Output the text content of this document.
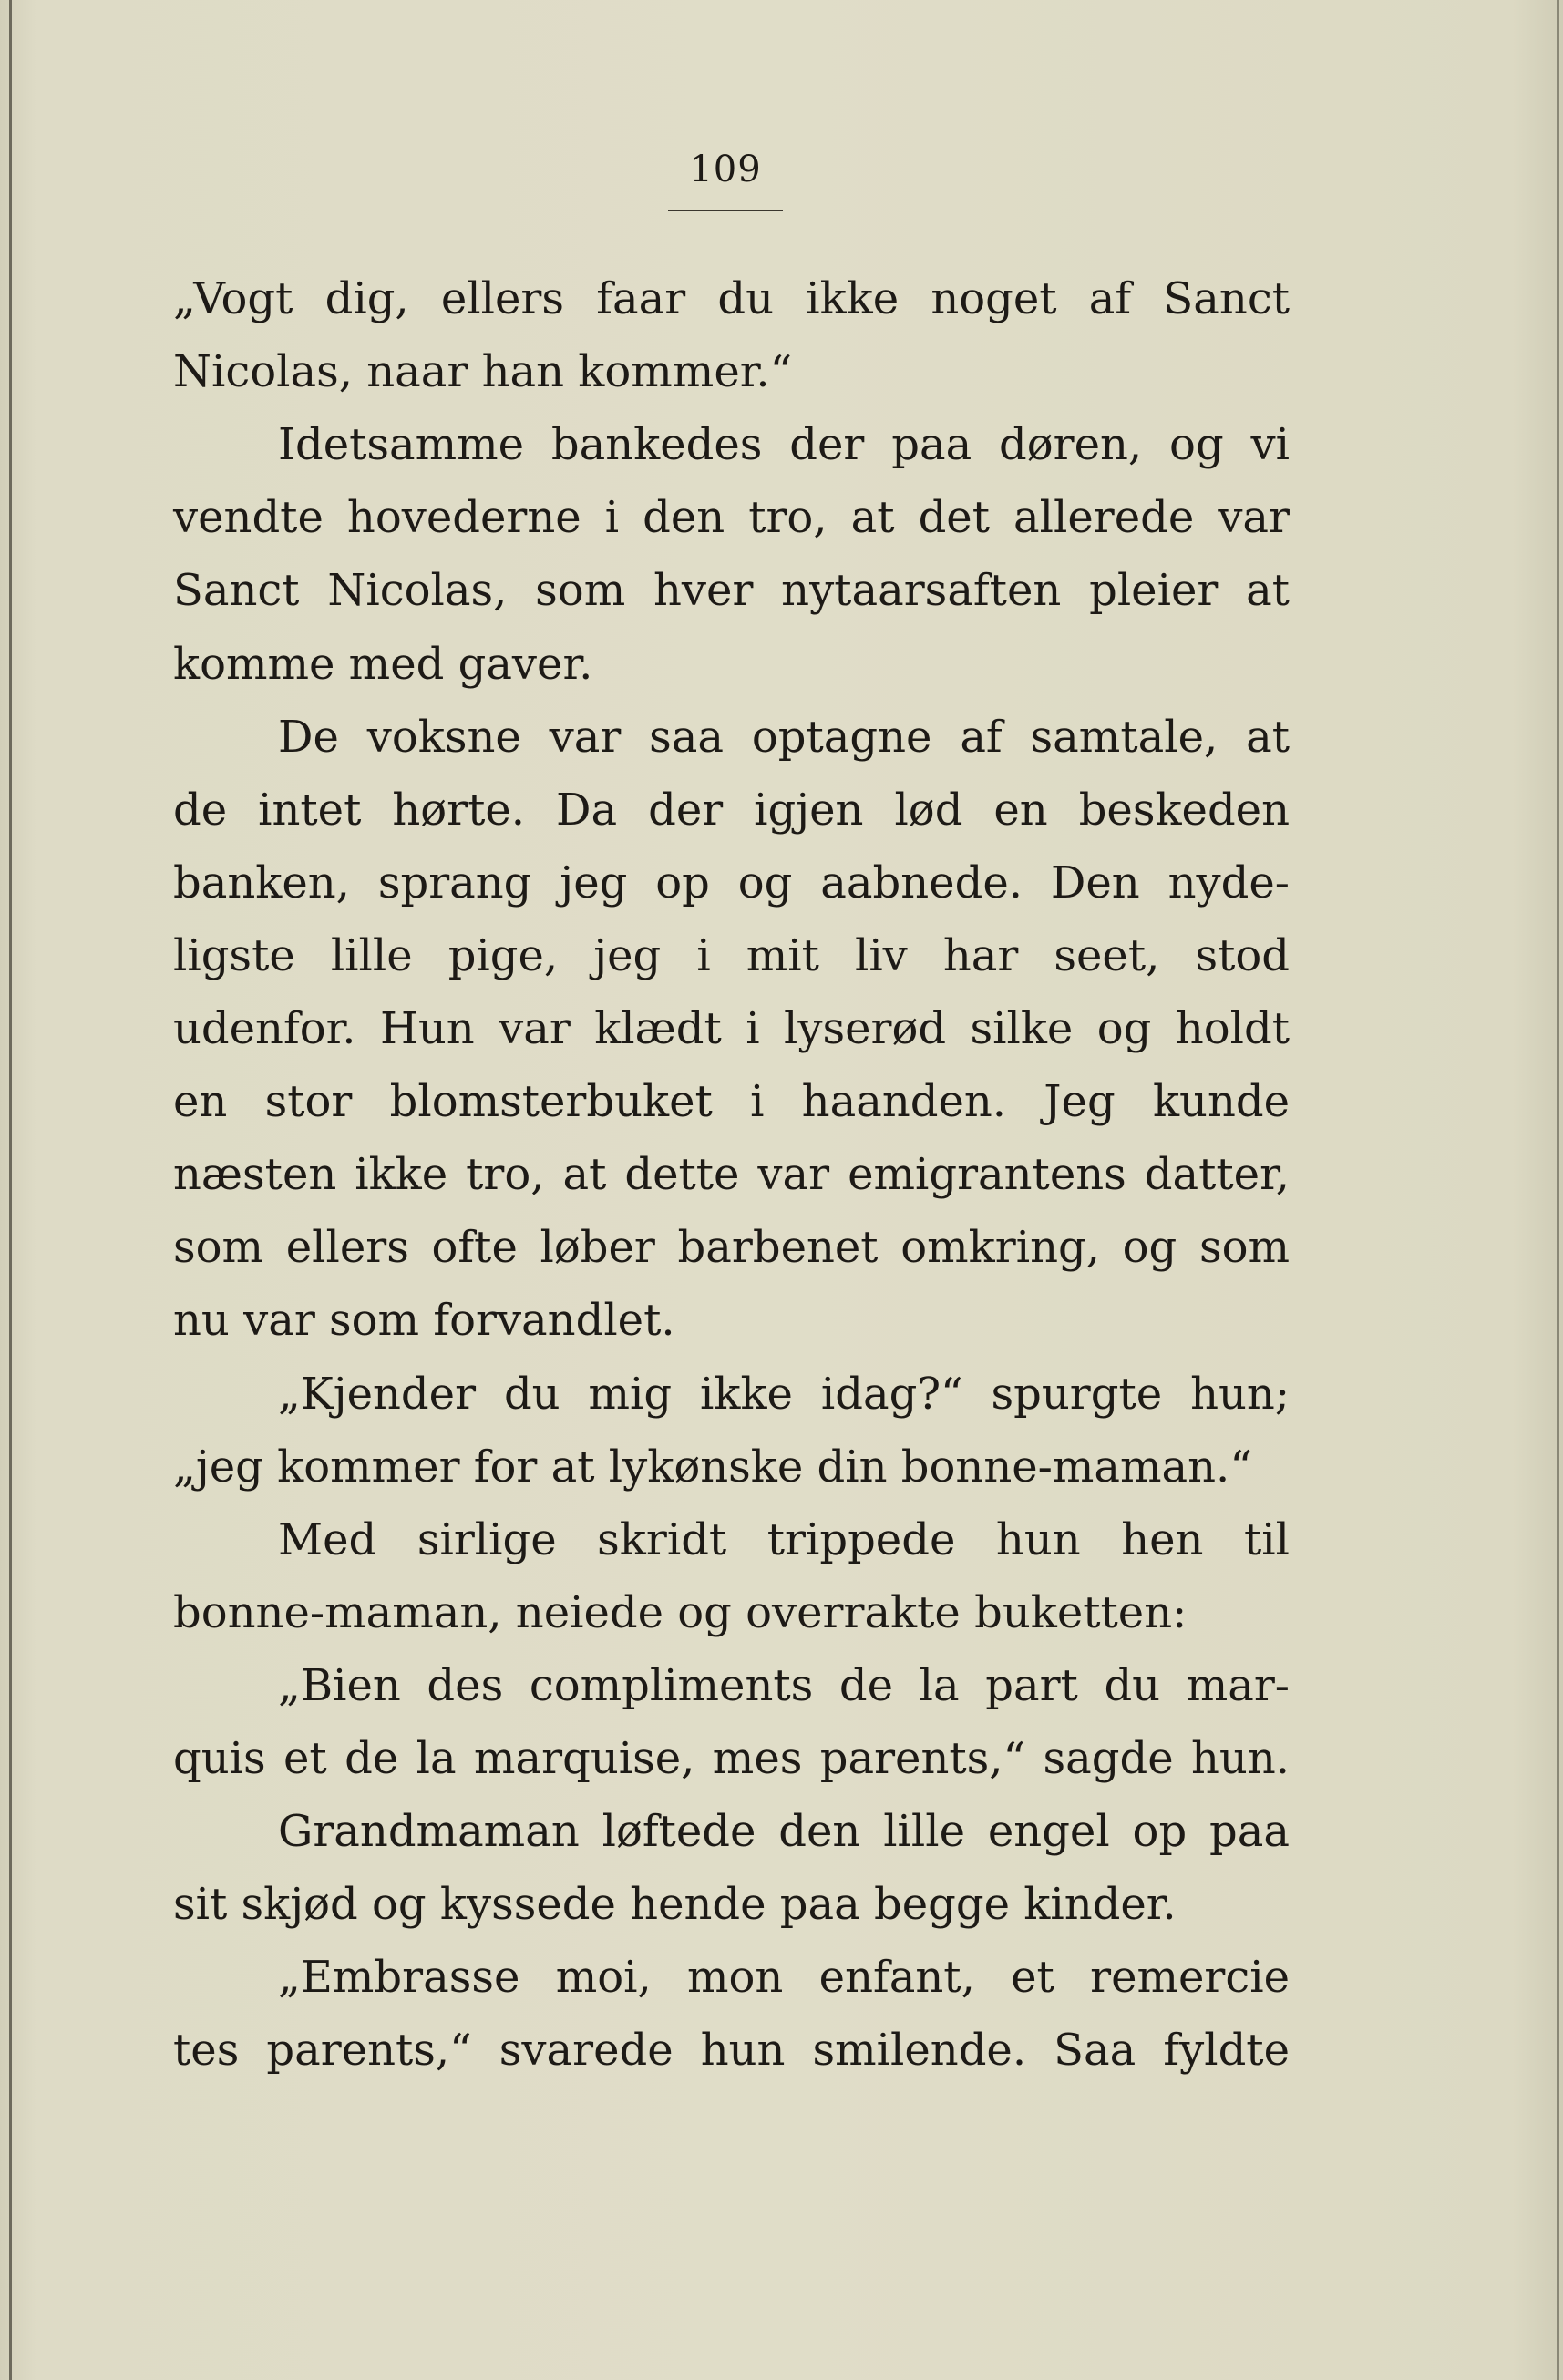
109
„Vogt dig, ellers faar du ikke noget af Sanct
Nicolas, naar han kommer.“
Idetsamme bankedes der paa døren, og vi
vendte hovederne i den tro, at det allerede var
Sanct Nicolas, som hver nytaarsaften pleier at
komme med gaver.
De voksne var saa optagne af samtale, at
de intet hørte. Da der igjen lød en beskeden
banken, sprang jeg op og aabnede. Den nyde-
ligste lille pige, jeg i mit liv har seet, stod
udenfor. Hun var klædt i lyserød silke og holdt
en stor blomsterbuket i haanden. Jeg kunde
næsten ikke tro, at dette var emigrantens datter,
som ellers ofte løber barbenet omkring, og som
nu var som forvandlet.
„Kjender du mig ikke idag?“ spurgte hun;
„jeg kommer for at lykønske din bonne-maman.“
Med sirlige skridt trippede hun hen til
bonne-maman, neiede og overrakte buketten:
„Bien des compliments de la part du mar-
quis et de la marquise, mes parents,“ sagde hun.
Grandmaman løftede den lille engel op paa
sit skjød og kyssede hende paa begge kinder.
„Embrasse moi, mon enfant, et remercie
tes parents,“ svarede hun smilende. Saa fyldte
